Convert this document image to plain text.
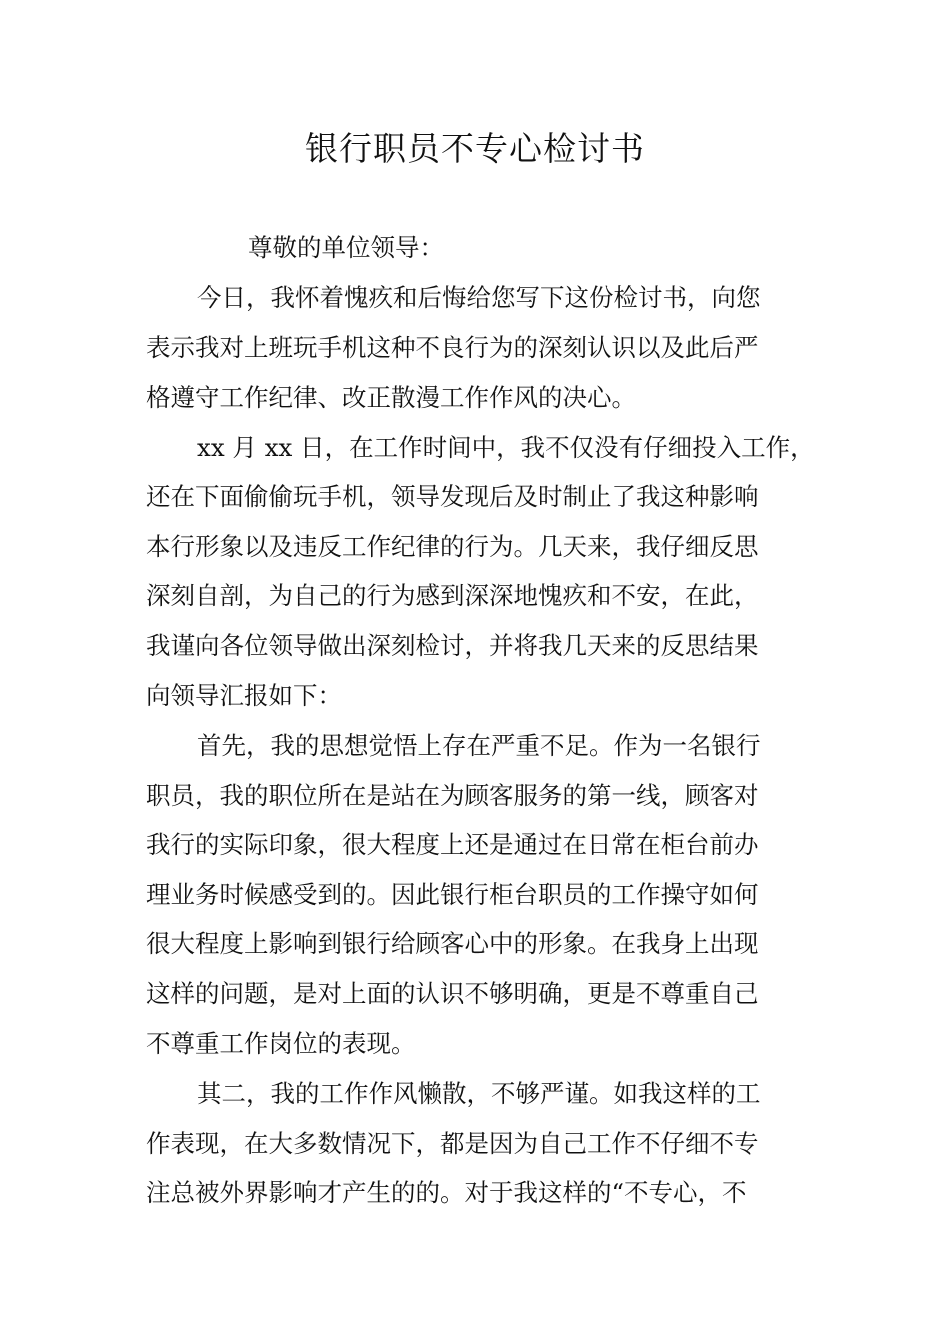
银行职员不专心检讨书
尊敬的单位领导：
今日，我怀着愧疚和后悔给您写下这份检讨书，向您
表示我对上班玩手机这种不良行为的深刻认识以及此后严
格遵守工作纪律、改正散漫工作作风的决心。
xx 月 xx 日，在工作时间中，我不仅没有仔细投入工作，
还在下面偷偷玩手机，领导发现后及时制止了我这种影响
本行形象以及违反工作纪律的行为。几天来，我仔细反思
深刻自剖，为自己的行为感到深深地愧疚和不安，在此，
我谨向各位领导做出深刻检讨，并将我几天来的反思结果
向领导汇报如下：
首先，我的思想觉悟上存在严重不足。作为一名银行
职员，我的职位所在是站在为顾客服务的第一线，顾客对
我行的实际印象，很大程度上还是通过在日常在柜台前办
理业务时候感受到的。因此银行柜台职员的工作操守如何
很大程度上影响到银行给顾客心中的形象。在我身上出现
这样的问题，是对上面的认识不够明确，更是不尊重自己
不尊重工作岗位的表现。
其二，我的工作作风懒散，不够严谨。如我这样的工
作表现，在大多数情况下，都是因为自己工作不仔细不专
注总被外界影响才产生的的。对于我这样的“不专心，不
